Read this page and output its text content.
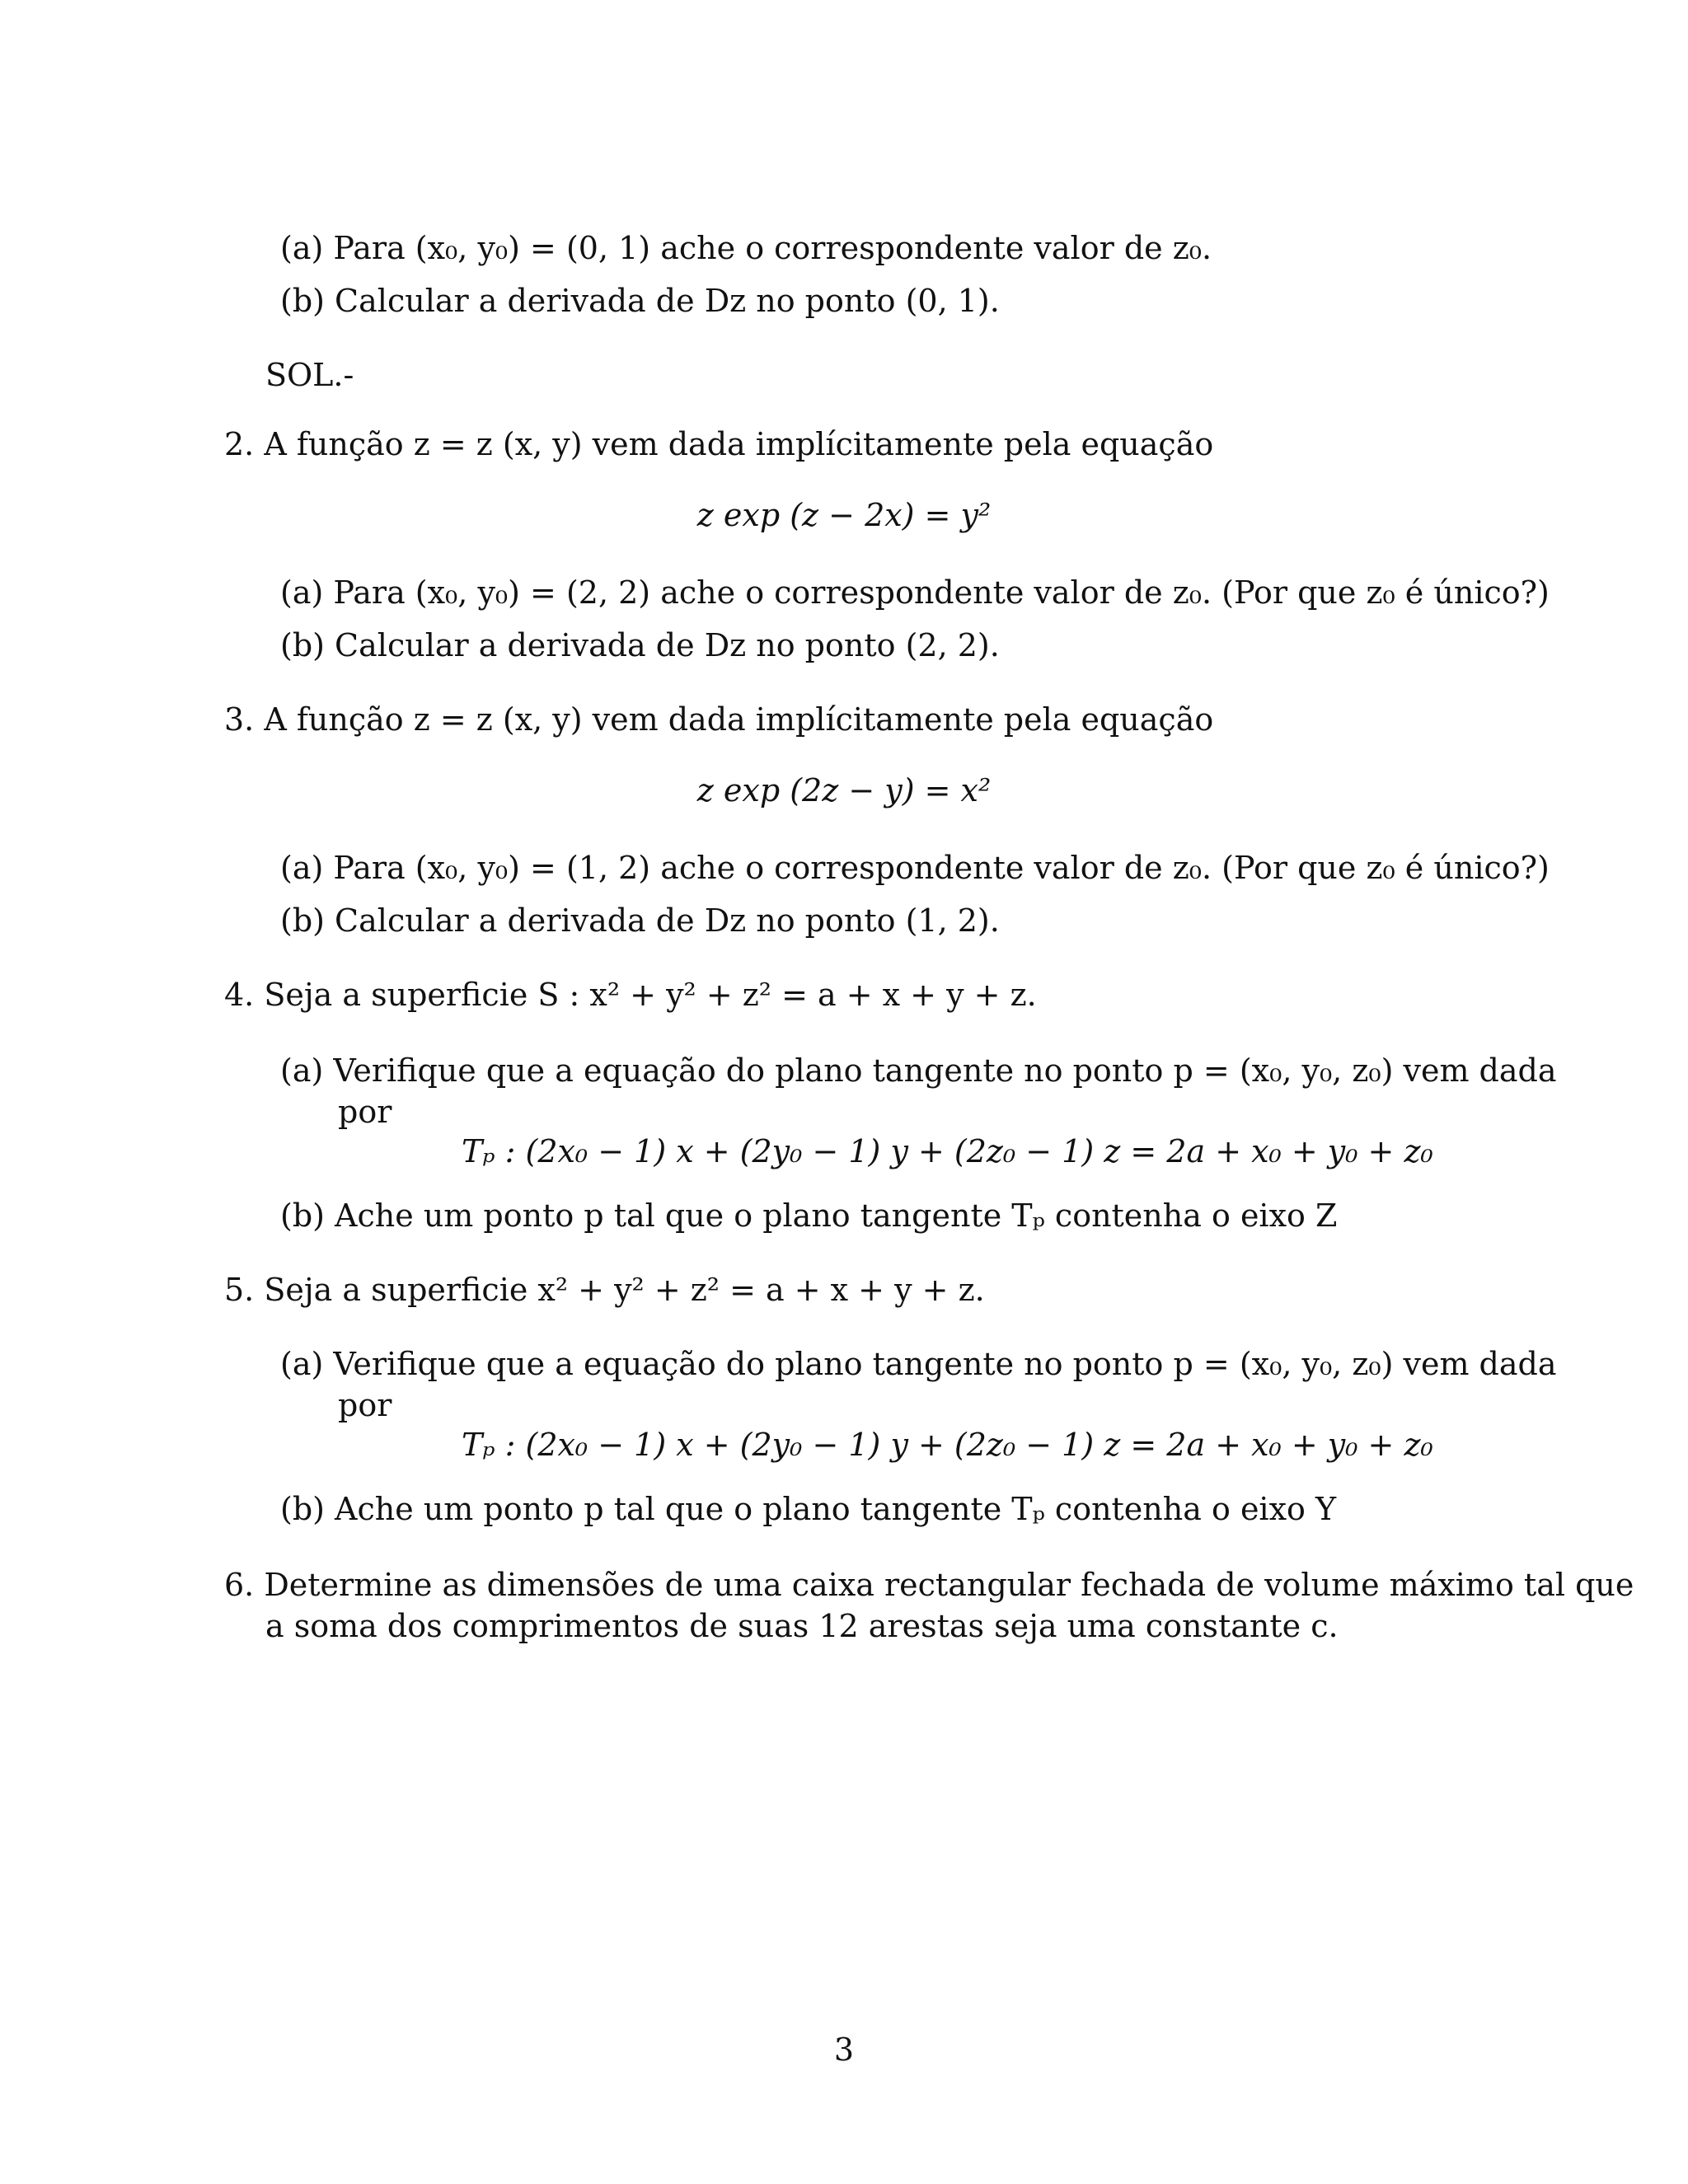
(a) Para (x₀, y₀) = (0, 1) ache o correspondente valor de z₀.
(b) Calcular a derivada de Dz no ponto (0, 1).
SOL.-
2. A função z = z (x, y) vem dada implícitamente pela equação
z exp (z − 2x) = y²
(a) Para (x₀, y₀) = (2, 2) ache o correspondente valor de z₀. (Por que z₀ é único?)
(b) Calcular a derivada de Dz no ponto (2, 2).
3. A função z = z (x, y) vem dada implícitamente pela equação
z exp (2z − y) = x²
(a) Para (x₀, y₀) = (1, 2) ache o correspondente valor de z₀. (Por que z₀ é único?)
(b) Calcular a derivada de Dz no ponto (1, 2).
4. Seja a superficie S : x² + y² + z² = a + x + y + z.
(a) Verifique que a equação do plano tangente no ponto p = (x₀, y₀, z₀) vem dada
por
Tₚ : (2x₀ − 1) x + (2y₀ − 1) y + (2z₀ − 1) z = 2a + x₀ + y₀ + z₀
(b) Ache um ponto p tal que o plano tangente Tₚ contenha o eixo Z
5. Seja a superficie x² + y² + z² = a + x + y + z.
(a) Verifique que a equação do plano tangente no ponto p = (x₀, y₀, z₀) vem dada
por
Tₚ : (2x₀ − 1) x + (2y₀ − 1) y + (2z₀ − 1) z = 2a + x₀ + y₀ + z₀
(b) Ache um ponto p tal que o plano tangente Tₚ contenha o eixo Y
6. Determine as dimensões de uma caixa rectangular fechada de volume máximo tal que
a soma dos comprimentos de suas 12 arestas seja uma constante c.
3
